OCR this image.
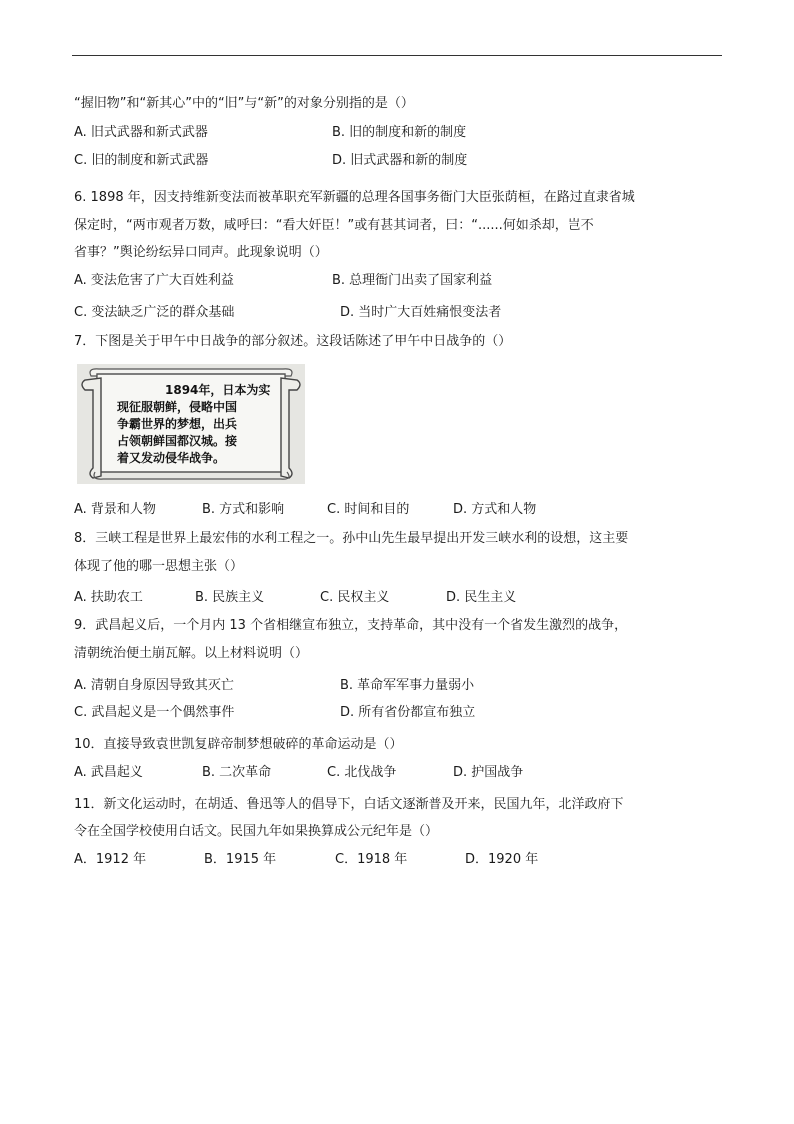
“握旧物”和“新其心”中的“旧”与“新”的对象分别指的是（）
A. 旧式武器和新式武器	B. 旧的制度和新的制度
C. 旧的制度和新式武器	D. 旧式武器和新的制度
6. 1898 年，因支持维新变法而被革职充军新疆的总理各国事务衙门大臣张荫桓，在路过直隶省城
保定时，“两市观者万数，咸呼曰：“看大奸臣！”或有甚其词者，曰：“......何如杀却，岂不
省事？”舆论纷纭异口同声。此现象说明（）
A. 变法危害了广大百姓利益	B. 总理衙门出卖了国家利益
C. 变法缺乏广泛的群众基础	D. 当时广大百姓痛恨变法者
7．下图是关于甲午中日战争的部分叙述。这段话陈述了甲午中日战争的（）
1894年，日本为实
现征服朝鲜，侵略中国
争霸世界的梦想，出兵
占领朝鲜国都汉城。接
着又发动侵华战争。
A. 背景和人物	B. 方式和影响	C. 时间和目的	D. 方式和人物
8．三峡工程是世界上最宏伟的水利工程之一。孙中山先生最早提出开发三峡水利的设想，这主要
体现了他的哪一思想主张（）
A. 扶助农工	B. 民族主义	C. 民权主义	D. 民生主义
9．武昌起义后，一个月内 13 个省相继宣布独立，支持革命，其中没有一个省发生激烈的战争，
清朝统治便土崩瓦解。以上材料说明（）
A. 清朝自身原因导致其灭亡	B. 革命军军事力量弱小
C. 武昌起义是一个偶然事件	D. 所有省份都宣布独立
10．直接导致袁世凯复辟帝制梦想破碎的革命运动是（）
A. 武昌起义	B. 二次革命	C. 北伐战争	D. 护国战争
11．新文化运动时，在胡适、鲁迅等人的倡导下，白话文逐渐普及开来，民国九年，北洋政府下
令在全国学校使用白话文。民国九年如果换算成公元纪年是（）
A．1912 年	B．1915 年	C．1918 年	D．1920 年
